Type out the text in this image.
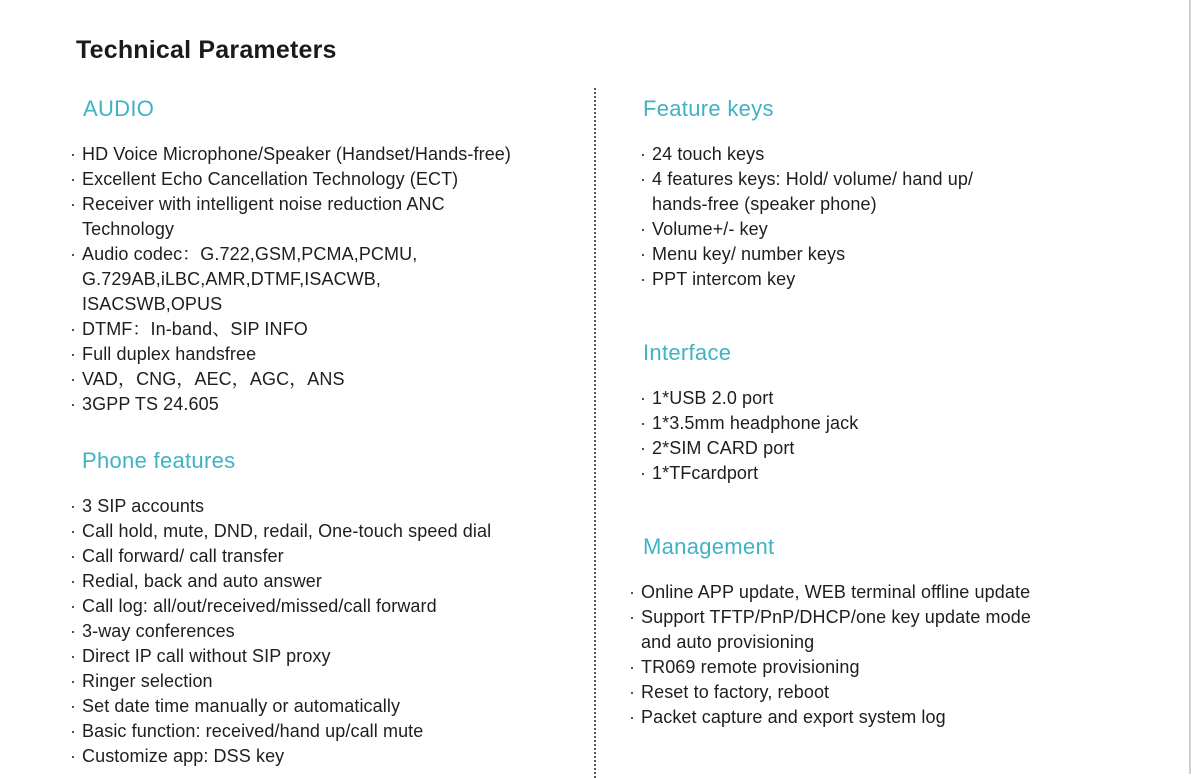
Technical Parameters
AUDIO
· HD Voice Microphone/Speaker (Handset/Hands-free)
· Excellent Echo Cancellation Technology (ECT)
· Receiver with intelligent noise reduction ANC
Technology
· Audio codec：G.722,GSM,PCMA,PCMU,
G.729AB,iLBC,AMR,DTMF,ISACWB,
ISACSWB,OPUS
· DTMF：In-band、SIP INFO
· Full duplex handsfree
· VAD，CNG，AEC，AGC，ANS
· 3GPP TS 24.605
Phone features
· 3 SIP accounts
· Call hold, mute, DND, redail, One-touch speed dial
· Call forward/ call transfer
· Redial, back and auto answer
· Call log: all/out/received/missed/call forward
· 3-way conferences
· Direct IP call without SIP proxy
· Ringer selection
· Set date time manually or automatically
· Basic function: received/hand up/call mute
· Customize app: DSS key
Feature keys
· 24 touch keys
· 4 features keys: Hold/ volume/ hand up/
hands-free (speaker phone)
· Volume+/- key
· Menu key/ number keys
· PPT intercom key
Interface
· 1*USB 2.0 port
· 1*3.5mm headphone jack
· 2*SIM CARD port
· 1*TFcardport
Management
· Online APP update, WEB terminal offline update
· Support TFTP/PnP/DHCP/one key update mode
and auto provisioning
· TR069 remote provisioning
· Reset to factory, reboot
· Packet capture and export system log
